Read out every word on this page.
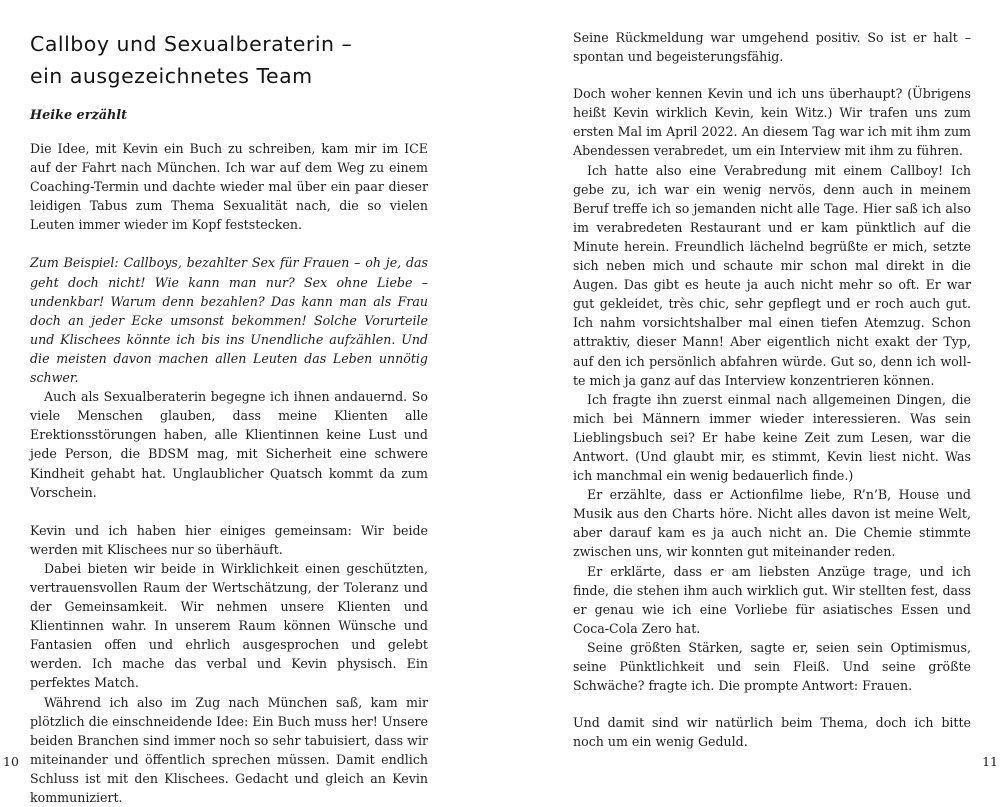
Callboy und Sexualberaterin –
ein ausgezeichnetes Team
Heike erzählt

Die Idee, mit Kevin ein Buch zu schreiben, kam mir im ICE auf der Fahrt nach München. Ich war auf dem Weg zu einem Coaching-Termin und dachte wieder mal über ein paar dieser leidigen Tabus zum Thema Sexualität nach, die so vielen Leuten immer wieder im Kopf feststecken.

Zum Beispiel: Callboys, bezahlter Sex für Frauen – oh je, das geht doch nicht! Wie kann man nur? Sex ohne Liebe – undenkbar! Warum denn bezahlen? Das kann man als Frau doch an jeder Ecke umsonst bekommen! Solche Vorurteile und Klischees könnte ich bis ins Unendliche aufzählen. Und die meisten davon machen allen Leuten das Leben unnötig schwer.

Auch als Sexualberaterin begegne ich ihnen andauernd. So viele Menschen glauben, dass meine Klienten alle Erektionsstörungen haben, alle Klientinnen keine Lust und jede Person, die BDSM mag, mit Sicherheit eine schwere Kindheit gehabt hat. Unglaublicher Quatsch kommt da zum Vorschein.

Kevin und ich haben hier einiges gemeinsam: Wir beide werden mit Klischees nur so überhäuft.

Dabei bieten wir beide in Wirklichkeit einen geschützten, vertrauensvollen Raum der Wertschätzung, der Toleranz und der Gemeinsamkeit. Wir nehmen unsere Klienten und Klientinnen wahr. In unserem Raum können Wünsche und Fantasien offen und ehrlich ausgesprochen und gelebt werden. Ich mache das verbal und Kevin physisch. Ein perfektes Match.

Während ich also im Zug nach München saß, kam mir plötzlich die einschneidende Idee: Ein Buch muss her! Unsere beiden Branchen sind immer noch so sehr tabuisiert, dass wir miteinander und öffentlich sprechen müssen. Damit endlich Schluss ist mit den Klischees. Gedacht und gleich an Kevin kommuniziert.

10

Seine Rückmeldung war umgehend positiv. So ist er halt – spontan und begeisterungsfähig.

Doch woher kennen Kevin und ich uns überhaupt? (Übrigens heißt Kevin wirklich Kevin, kein Witz.) Wir trafen uns zum ersten Mal im April 2022. An diesem Tag war ich mit ihm zum Abendessen verabredet, um ein Interview mit ihm zu führen.

Ich hatte also eine Verabredung mit einem Callboy! Ich gebe zu, ich war ein wenig nervös, denn auch in meinem Beruf treffe ich so jemanden nicht alle Tage. Hier saß ich also im verabredeten Restaurant und er kam pünktlich auf die Minute herein. Freundlich lächelnd begrüßte er mich, setzte sich neben mich und schaute mir schon mal direkt in die Augen. Das gibt es heute ja auch nicht mehr so oft. Er war gut gekleidet, très chic, sehr gepflegt und er roch auch gut. Ich nahm vorsichtshalber mal einen tiefen Atemzug. Schon attraktiv, dieser Mann! Aber eigentlich nicht exakt der Typ, auf den ich persönlich abfahren würde. Gut so, denn ich wollte mich ja ganz auf das Interview konzentrieren können.

Ich fragte ihn zuerst einmal nach allgemeinen Dingen, die mich bei Männern immer wieder interessieren. Was sein Lieblingsbuch sei? Er habe keine Zeit zum Lesen, war die Antwort. (Und glaubt mir, es stimmt, Kevin liest nicht. Was ich manchmal ein wenig bedauerlich finde.)

Er erzählte, dass er Actionfilme liebe, R’n’B, House und Musik aus den Charts höre. Nicht alles davon ist meine Welt, aber darauf kam es ja auch nicht an. Die Chemie stimmte zwischen uns, wir konnten gut miteinander reden.

Er erklärte, dass er am liebsten Anzüge trage, und ich finde, die stehen ihm auch wirklich gut. Wir stellten fest, dass er genau wie ich eine Vorliebe für asiatisches Essen und Coca-Cola Zero hat.

Seine größten Stärken, sagte er, seien sein Optimismus, seine Pünktlichkeit und sein Fleiß. Und seine größte Schwäche? fragte ich. Die prompte Antwort: Frauen.

Und damit sind wir natürlich beim Thema, doch ich bitte noch um ein wenig Geduld.

11
